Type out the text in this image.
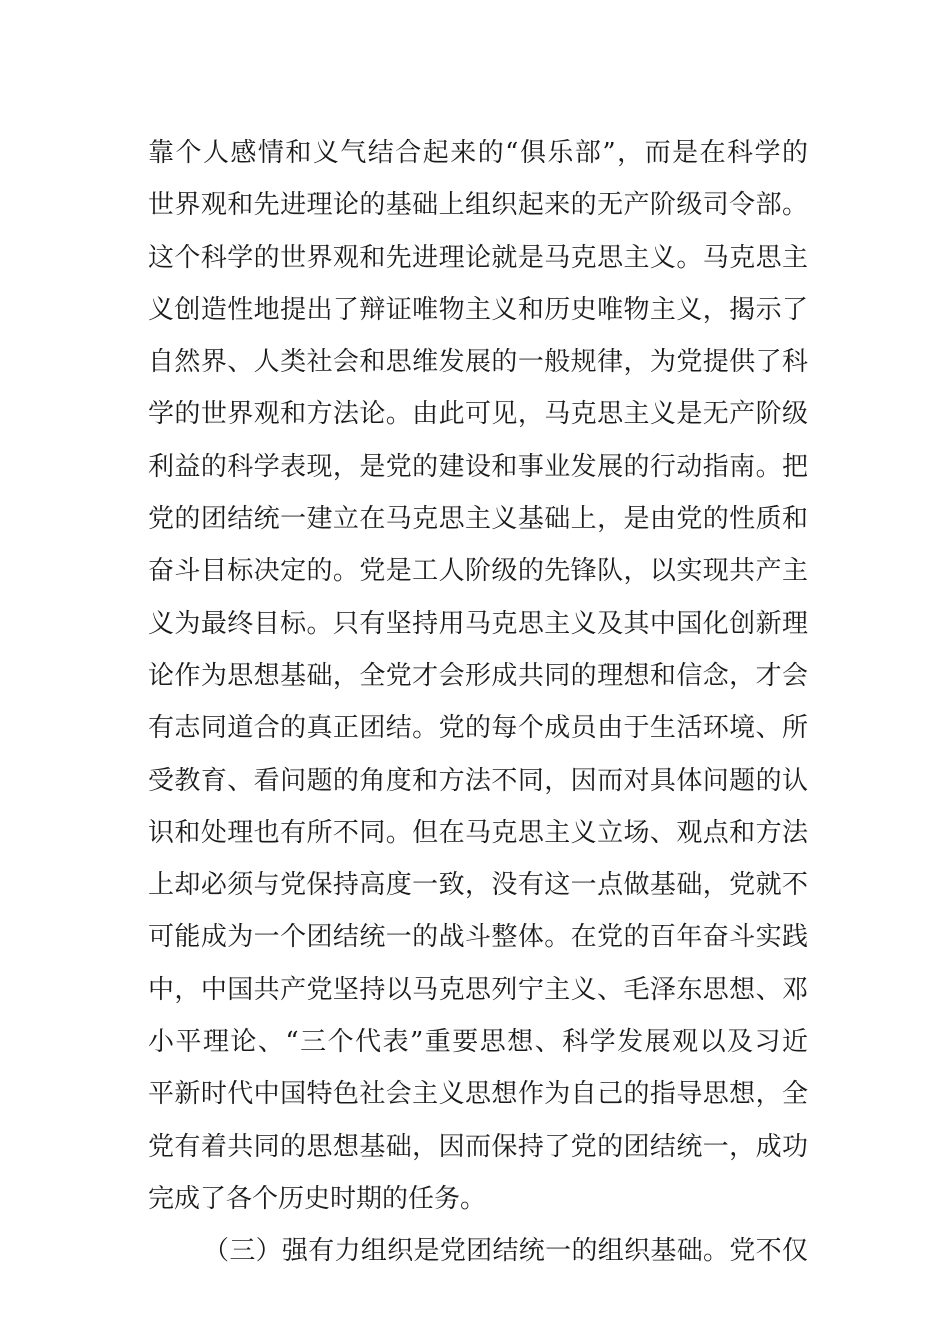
靠个人感情和义气结合起来的“俱乐部”，而是在科学的
世界观和先进理论的基础上组织起来的无产阶级司令部。
这个科学的世界观和先进理论就是马克思主义。马克思主
义创造性地提出了辩证唯物主义和历史唯物主义，揭示了
自然界、人类社会和思维发展的一般规律，为党提供了科
学的世界观和方法论。由此可见，马克思主义是无产阶级
利益的科学表现，是党的建设和事业发展的行动指南。把
党的团结统一建立在马克思主义基础上，是由党的性质和
奋斗目标决定的。党是工人阶级的先锋队，以实现共产主
义为最终目标。只有坚持用马克思主义及其中国化创新理
论作为思想基础，全党才会形成共同的理想和信念，才会
有志同道合的真正团结。党的每个成员由于生活环境、所
受教育、看问题的角度和方法不同，因而对具体问题的认
识和处理也有所不同。但在马克思主义立场、观点和方法
上却必须与党保持高度一致，没有这一点做基础，党就不
可能成为一个团结统一的战斗整体。在党的百年奋斗实践
中，中国共产党坚持以马克思列宁主义、毛泽东思想、邓
小平理论、“三个代表”重要思想、科学发展观以及习近
平新时代中国特色社会主义思想作为自己的指导思想，全
党有着共同的思想基础，因而保持了党的团结统一，成功
完成了各个历史时期的任务。
（三）强有力组织是党团结统一的组织基础。党不仅
